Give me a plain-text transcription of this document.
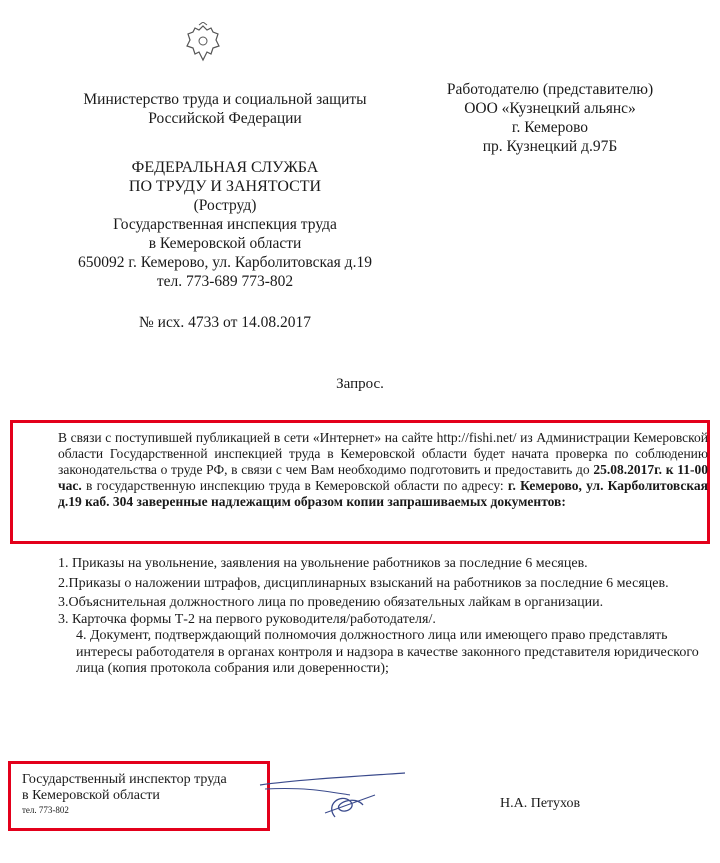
Министерство труда и социальной защиты
Российской Федерации
ФЕДЕРАЛЬНАЯ СЛУЖБА
ПО ТРУДУ И ЗАНЯТОСТИ
(Роструд)
Государственная инспекция труда
в Кемеровской области
650092 г. Кемерово, ул. Карболитовская д.19
тел. 773-689 773-802
№ исх. 4733 от 14.08.2017
Работодателю (представителю)
ООО «Кузнецкий альянс»
г. Кемерово
пр. Кузнецкий д.97Б
Запрос.
В связи с поступившей публикацией в сети «Интернет» на сайте http://fishi.net/ из Администрации Кемеровской области Государственной инспекцией труда в Кемеровской области будет начата проверка по соблюдению законодательства о труде РФ, в связи с чем Вам необходимо подготовить и предоставить до 25.08.2017г. к 11-00 час. в государственную инспекцию труда в Кемеровской области по адресу: г. Кемерово, ул. Карболитовская д.19 каб. 304 заверенные надлежащим образом копии запрашиваемых документов:

1. Приказы на увольнение, заявления на увольнение работников за последние 6 месяцев.

2.Приказы о наложении штрафов, дисциплинарных взысканий на работников за последние 6 месяцев.

3.Объяснительная должностного лица по проведению обязательных лайкам в организации.

3. Карточка формы Т-2 на первого руководителя/работодателя/.

4. Документ, подтверждающий полномочия должностного лица или имеющего право представлять интересы работодателя в органах контроля и надзора в качестве законного представителя юридического лица (копия протокола собрания или доверенности);

Государственный инспектор труда
в Кемеровской области
тел. 773-802	Н.А. Петухов
